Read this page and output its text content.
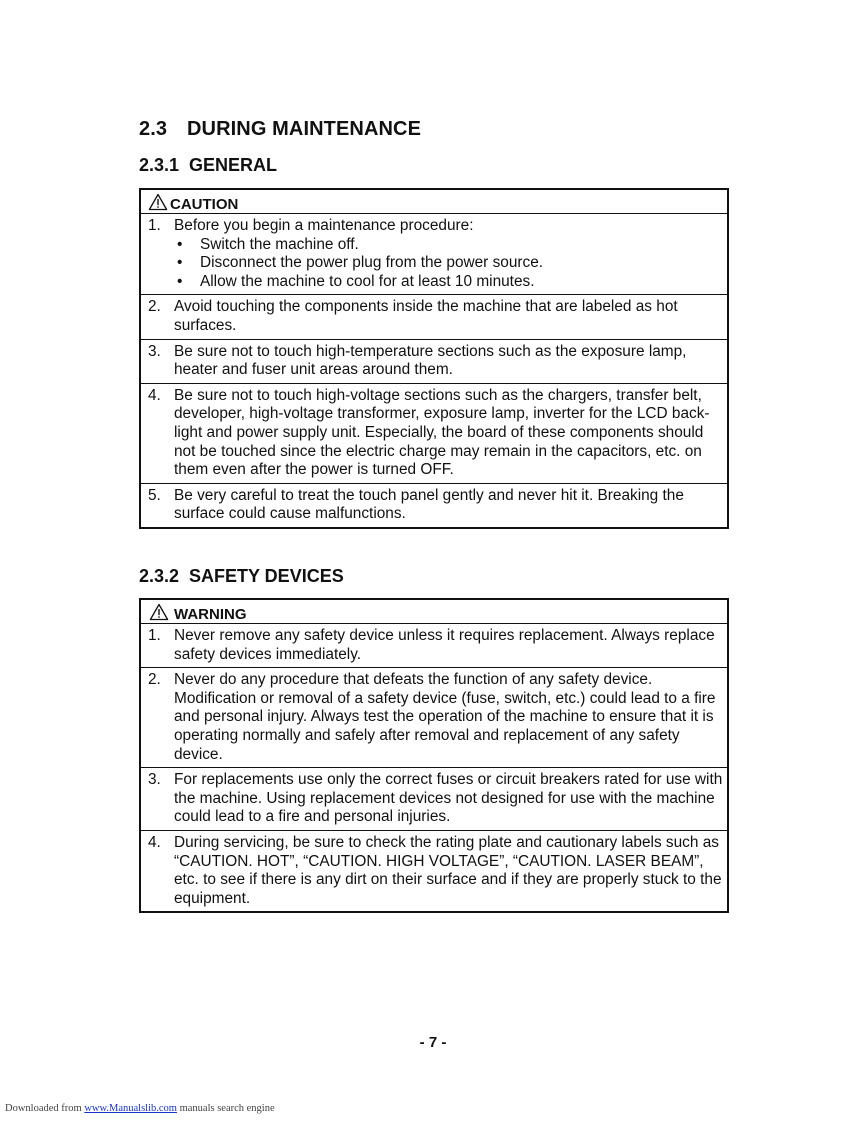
2.3 DURING MAINTENANCE
2.3.1 GENERAL
CAUTION
1. Before you begin a maintenance procedure:
• Switch the machine off.
• Disconnect the power plug from the power source.
• Allow the machine to cool for at least 10 minutes.
2. Avoid touching the components inside the machine that are labeled as hot surfaces.
3. Be sure not to touch high-temperature sections such as the exposure lamp, heater and fuser unit areas around them.
4. Be sure not to touch high-voltage sections such as the chargers, transfer belt, developer, high-voltage transformer, exposure lamp, inverter for the LCD back-light and power supply unit. Especially, the board of these components should not be touched since the electric charge may remain in the capacitors, etc. on them even after the power is turned OFF.
5. Be very careful to treat the touch panel gently and never hit it. Breaking the surface could cause malfunctions.
2.3.2 SAFETY DEVICES
WARNING
1. Never remove any safety device unless it requires replacement. Always replace safety devices immediately.
2. Never do any procedure that defeats the function of any safety device. Modification or removal of a safety device (fuse, switch, etc.) could lead to a fire and personal injury. Always test the operation of the machine to ensure that it is operating normally and safely after removal and replacement of any safety device.
3. For replacements use only the correct fuses or circuit breakers rated for use with the machine. Using replacement devices not designed for use with the machine could lead to a fire and personal injuries.
4. During servicing, be sure to check the rating plate and cautionary labels such as “CAUTION. HOT”, “CAUTION. HIGH VOLTAGE”, “CAUTION. LASER BEAM”, etc. to see if there is any dirt on their surface and if they are properly stuck to the equipment.
- 7 -
Downloaded from www.Manualslib.com manuals search engine
